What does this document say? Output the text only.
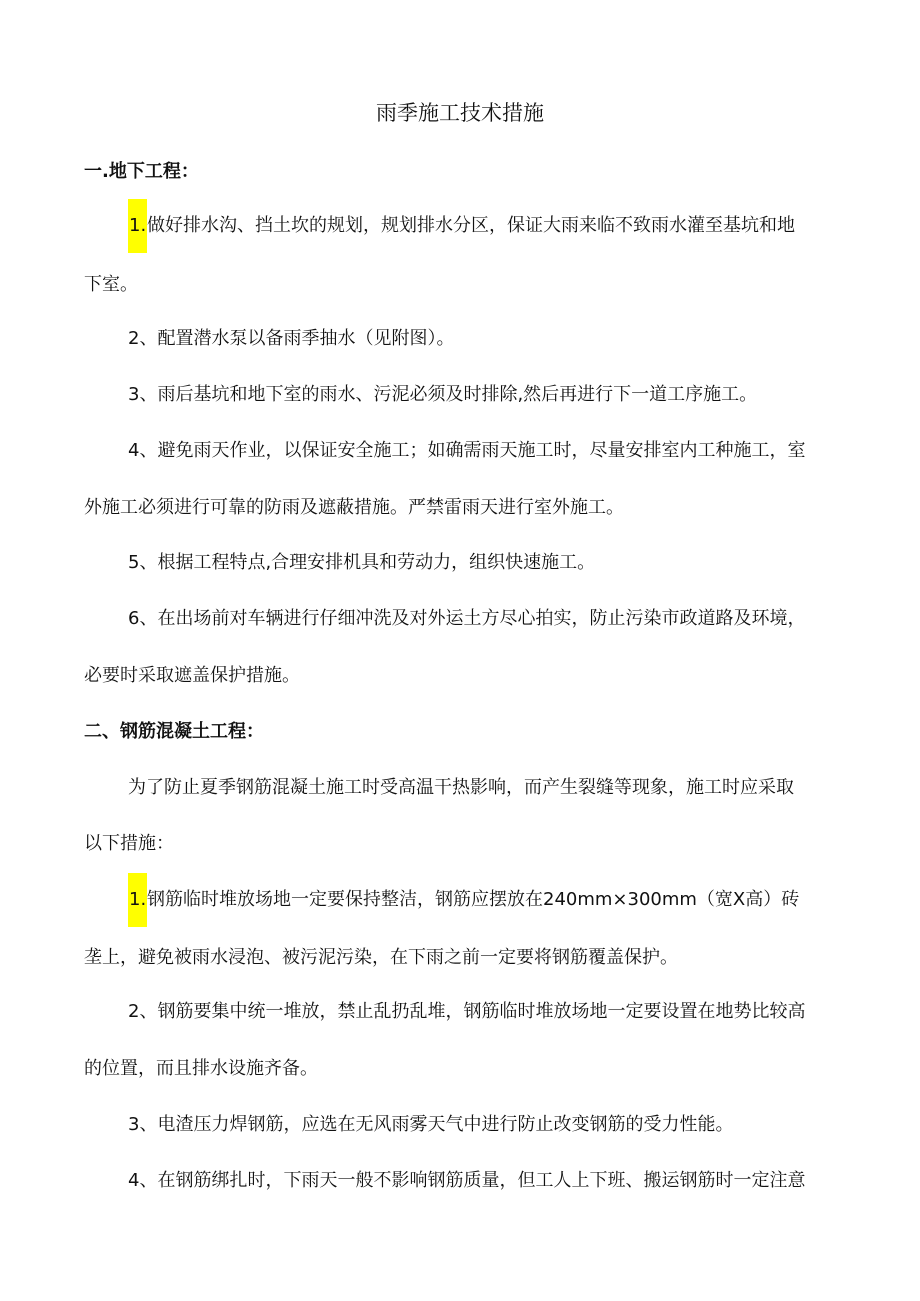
雨季施工技术措施
一.地下工程：
1. 做好排水沟、挡土坎的规划，规划排水分区，保证大雨来临不致雨水灌至基坑和地
下室。
2、配置潜水泵以备雨季抽水（见附图）。
3、雨后基坑和地下室的雨水、污泥必须及时排除,然后再进行下一道工序施工。
4、避免雨天作业，以保证安全施工；如确需雨天施工时，尽量安排室内工种施工，室
外施工必须进行可靠的防雨及遮蔽措施。严禁雷雨天进行室外施工。
5、根据工程特点,合理安排机具和劳动力，组织快速施工。
6、在出场前对车辆进行仔细冲洗及对外运土方尽心拍实，防止污染市政道路及环境，
必要时采取遮盖保护措施。
二、钢筋混凝土工程：
为了防止夏季钢筋混凝土施工时受高温干热影响，而产生裂缝等现象，施工时应采取
以下措施：
1. 钢筋临时堆放场地一定要保持整洁，钢筋应摆放在240mm×300mm（宽X高）砖
垄上，避免被雨水浸泡、被污泥污染，在下雨之前一定要将钢筋覆盖保护。
2、钢筋要集中统一堆放，禁止乱扔乱堆，钢筋临时堆放场地一定要设置在地势比较高
的位置，而且排水设施齐备。
3、电渣压力焊钢筋，应选在无风雨雾天气中进行防止改变钢筋的受力性能。
4、在钢筋绑扎时，下雨天一般不影响钢筋质量，但工人上下班、搬运钢筋时一定注意
